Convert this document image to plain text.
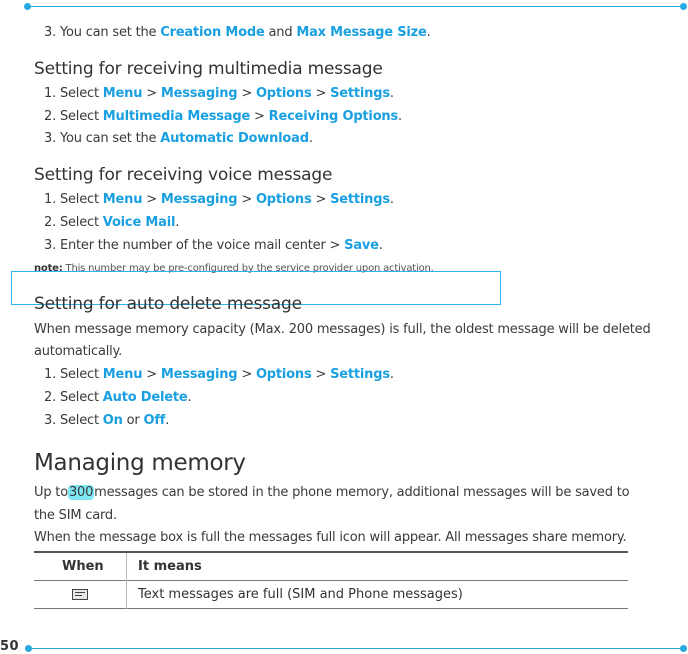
50
3. You can set the Creation Mode and Max Message Size.
Setting for receiving multimedia message
1. Select Menu > Messaging > Options > Settings.
2. Select Multimedia Message > Receiving Options.
3. You can set the Automatic Download.
Setting for receiving voice message
1. Select Menu > Messaging > Options > Settings.
2. Select Voice Mail.
3. Enter the number of the voice mail center > Save.
note: This number may be pre-configured by the service provider upon activation.
Setting for auto delete message
When message memory capacity (Max. 200 messages) is full, the oldest message will be deleted
automatically.
1. Select Menu > Messaging > Options > Settings.
2. Select Auto Delete.
3. Select On or Off.
Managing memory
Up to300messages can be stored in the phone memory, additional messages will be saved to
the SIM card.
When the message box is full the messages full icon will appear. All messages share memory.
When	It means
Text messages are full (SIM and Phone messages)
